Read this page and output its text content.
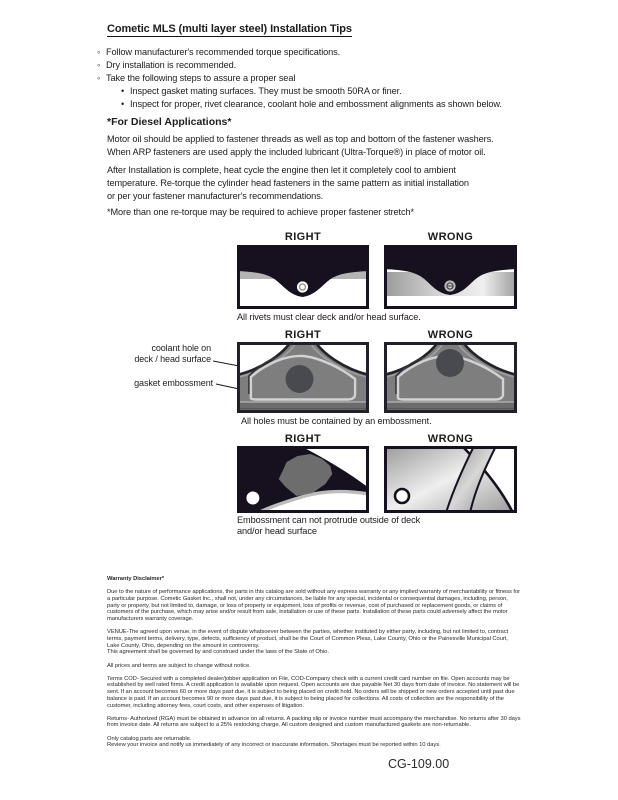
Cometic MLS (multi layer steel) Installation Tips
◦ Follow manufacturer's recommended torque specifications.
◦ Dry installation is recommended.
◦ Take the following steps to assure a proper seal
• Inspect gasket mating surfaces. They must be smooth 50RA or finer.
• Inspect for proper, rivet clearance, coolant hole and embossment alignments as shown below.
*For Diesel Applications*
Motor oil should be applied to fastener threads as well as top and bottom of the fastener washers.
When ARP fasteners are used apply the included lubricant (Ultra-Torque®) in place of motor oil.
After Installation is complete, heat cycle the engine then let it completely cool to ambient
temperature. Re-torque the cylinder head fasteners in the same pattern as initial installation
or per your fastener manufacturer's recommendations.
*More than one re-torque may be required to achieve proper fastener stretch*
RIGHT	WRONG
All rivets must clear deck and/or head surface.
RIGHT	WRONG
coolant hole on
deck / head surface
gasket embossment
All holes must be contained by an embossment.
RIGHT	WRONG
Embossment can not protrude outside of deck
and/or head surface
Warranty Disclaimer*

Due to the nature of performance applications, the parts in this catalog are sold without any express warranty or any implied warranty of merchantability or fitness for a particular purpose. Cometic Gasket Inc., shall not, under any circumstances, be liable for any special, incidental or consequential damages, including, person, party or property, but not limited to, damage, or loss of property or equipment, loss of profits or revenue, cost of purchased or replacement goods, or claims of customers of the purchase, which may arise and/or result from sale, installation or use of these parts. Installation of these parts could adversely affect the motor manufacturers warranty coverage.

VENUE-The agreed upon venue, in the event of dispute whatsoever between the parties, whether instituted by either party, including, but not limited to, contract terms, payment terms, delivery, type, defects, sufficiency of product, shall be the Court of Common Pleas, Lake County, Ohio or the Painesville Municipal Court, Lake County, Ohio, depending on the amount in controversy.

This agreement shall be governed by and construed under the laws of the State of Ohio.

All prices and terms are subject to change without notice.

Terms COD- Secured with a completed dealer/jobber application on File, COD-Company check with a current credit card number on file. Open accounts may be established by well rated firms. A credit application is available upon request. Open accounts are due payable Net 30 days from date of invoice. No statement will be sent. If an account becomes 60 or more days past due, it is subject to being placed on credit hold. No orders will be shipped or new orders accepted until past due balance is paid. If an account becomes 90 or more days past due, it is subject to being placed for collections. All costs of collection are the responsibility of the customer, including attorney fees, court costs, and other expenses of litigation.

Returns- Authorized (RGA) must be obtained in advance on all returns. A packing slip or invoice number must accompany the merchandise. No returns after 30 days from invoice date. All returns are subject to a 25% restocking charge. All custom designed and custom manufactured gaskets are non-returnable.

Only catalog parts are returnable.

Review your invoice and notify us immediately of any incorrect or inaccurate information. Shortages must be reported within 10 days.

CG-109.00
